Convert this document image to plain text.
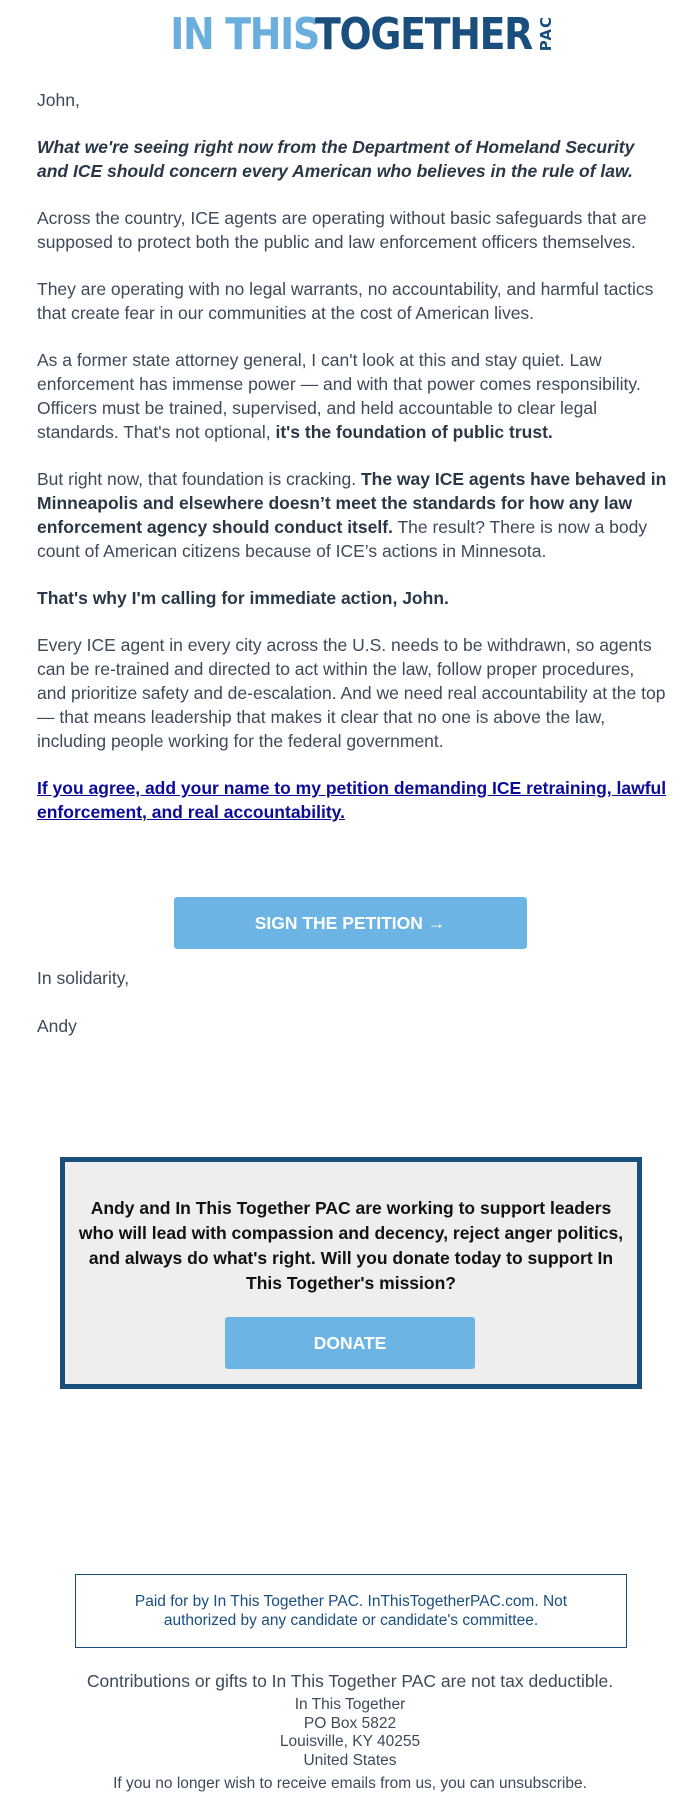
IN THIS
TOGETHER PAC

John,

What we're seeing right now from the Department of Homeland Security and ICE should concern every American who believes in the rule of law.

Across the country, ICE agents are operating without basic safeguards that are supposed to protect both the public and law enforcement officers themselves.

They are operating with no legal warrants, no accountability, and harmful tactics that create fear in our communities at the cost of American lives.

As a former state attorney general, I can't look at this and stay quiet. Law enforcement has immense power — and with that power comes responsibility. Officers must be trained, supervised, and held accountable to clear legal standards. That's not optional, it's the foundation of public trust.

But right now, that foundation is cracking. The way ICE agents have behaved in Minneapolis and elsewhere doesn’t meet the standards for how any law enforcement agency should conduct itself. The result? There is now a body count of American citizens because of ICE’s actions in Minnesota.

That's why I'm calling for immediate action, John.

Every ICE agent in every city across the U.S. needs to be withdrawn, so agents can be re-trained and directed to act within the law, follow proper procedures, and prioritize safety and de-escalation. And we need real accountability at the top — that means leadership that makes it clear that no one is above the law, including people working for the federal government.

If you agree, add your name to my petition demanding ICE retraining, lawful enforcement, and real accountability.

SIGN THE PETITION →
In solidarity,
Andy
Andy and In This Together PAC are working to support leaders who will lead with compassion and decency, reject anger politics, and always do what's right. Will you donate today to support In This Together's mission?
DONATE
Paid for by In This Together PAC. InThisTogetherPAC.com. Not authorized by any candidate or candidate's committee.
Contributions or gifts to In This Together PAC are not tax deductible.
In This Together
PO Box 5822
Louisville, KY 40255
United States
If you no longer wish to receive emails from us, you can unsubscribe.
